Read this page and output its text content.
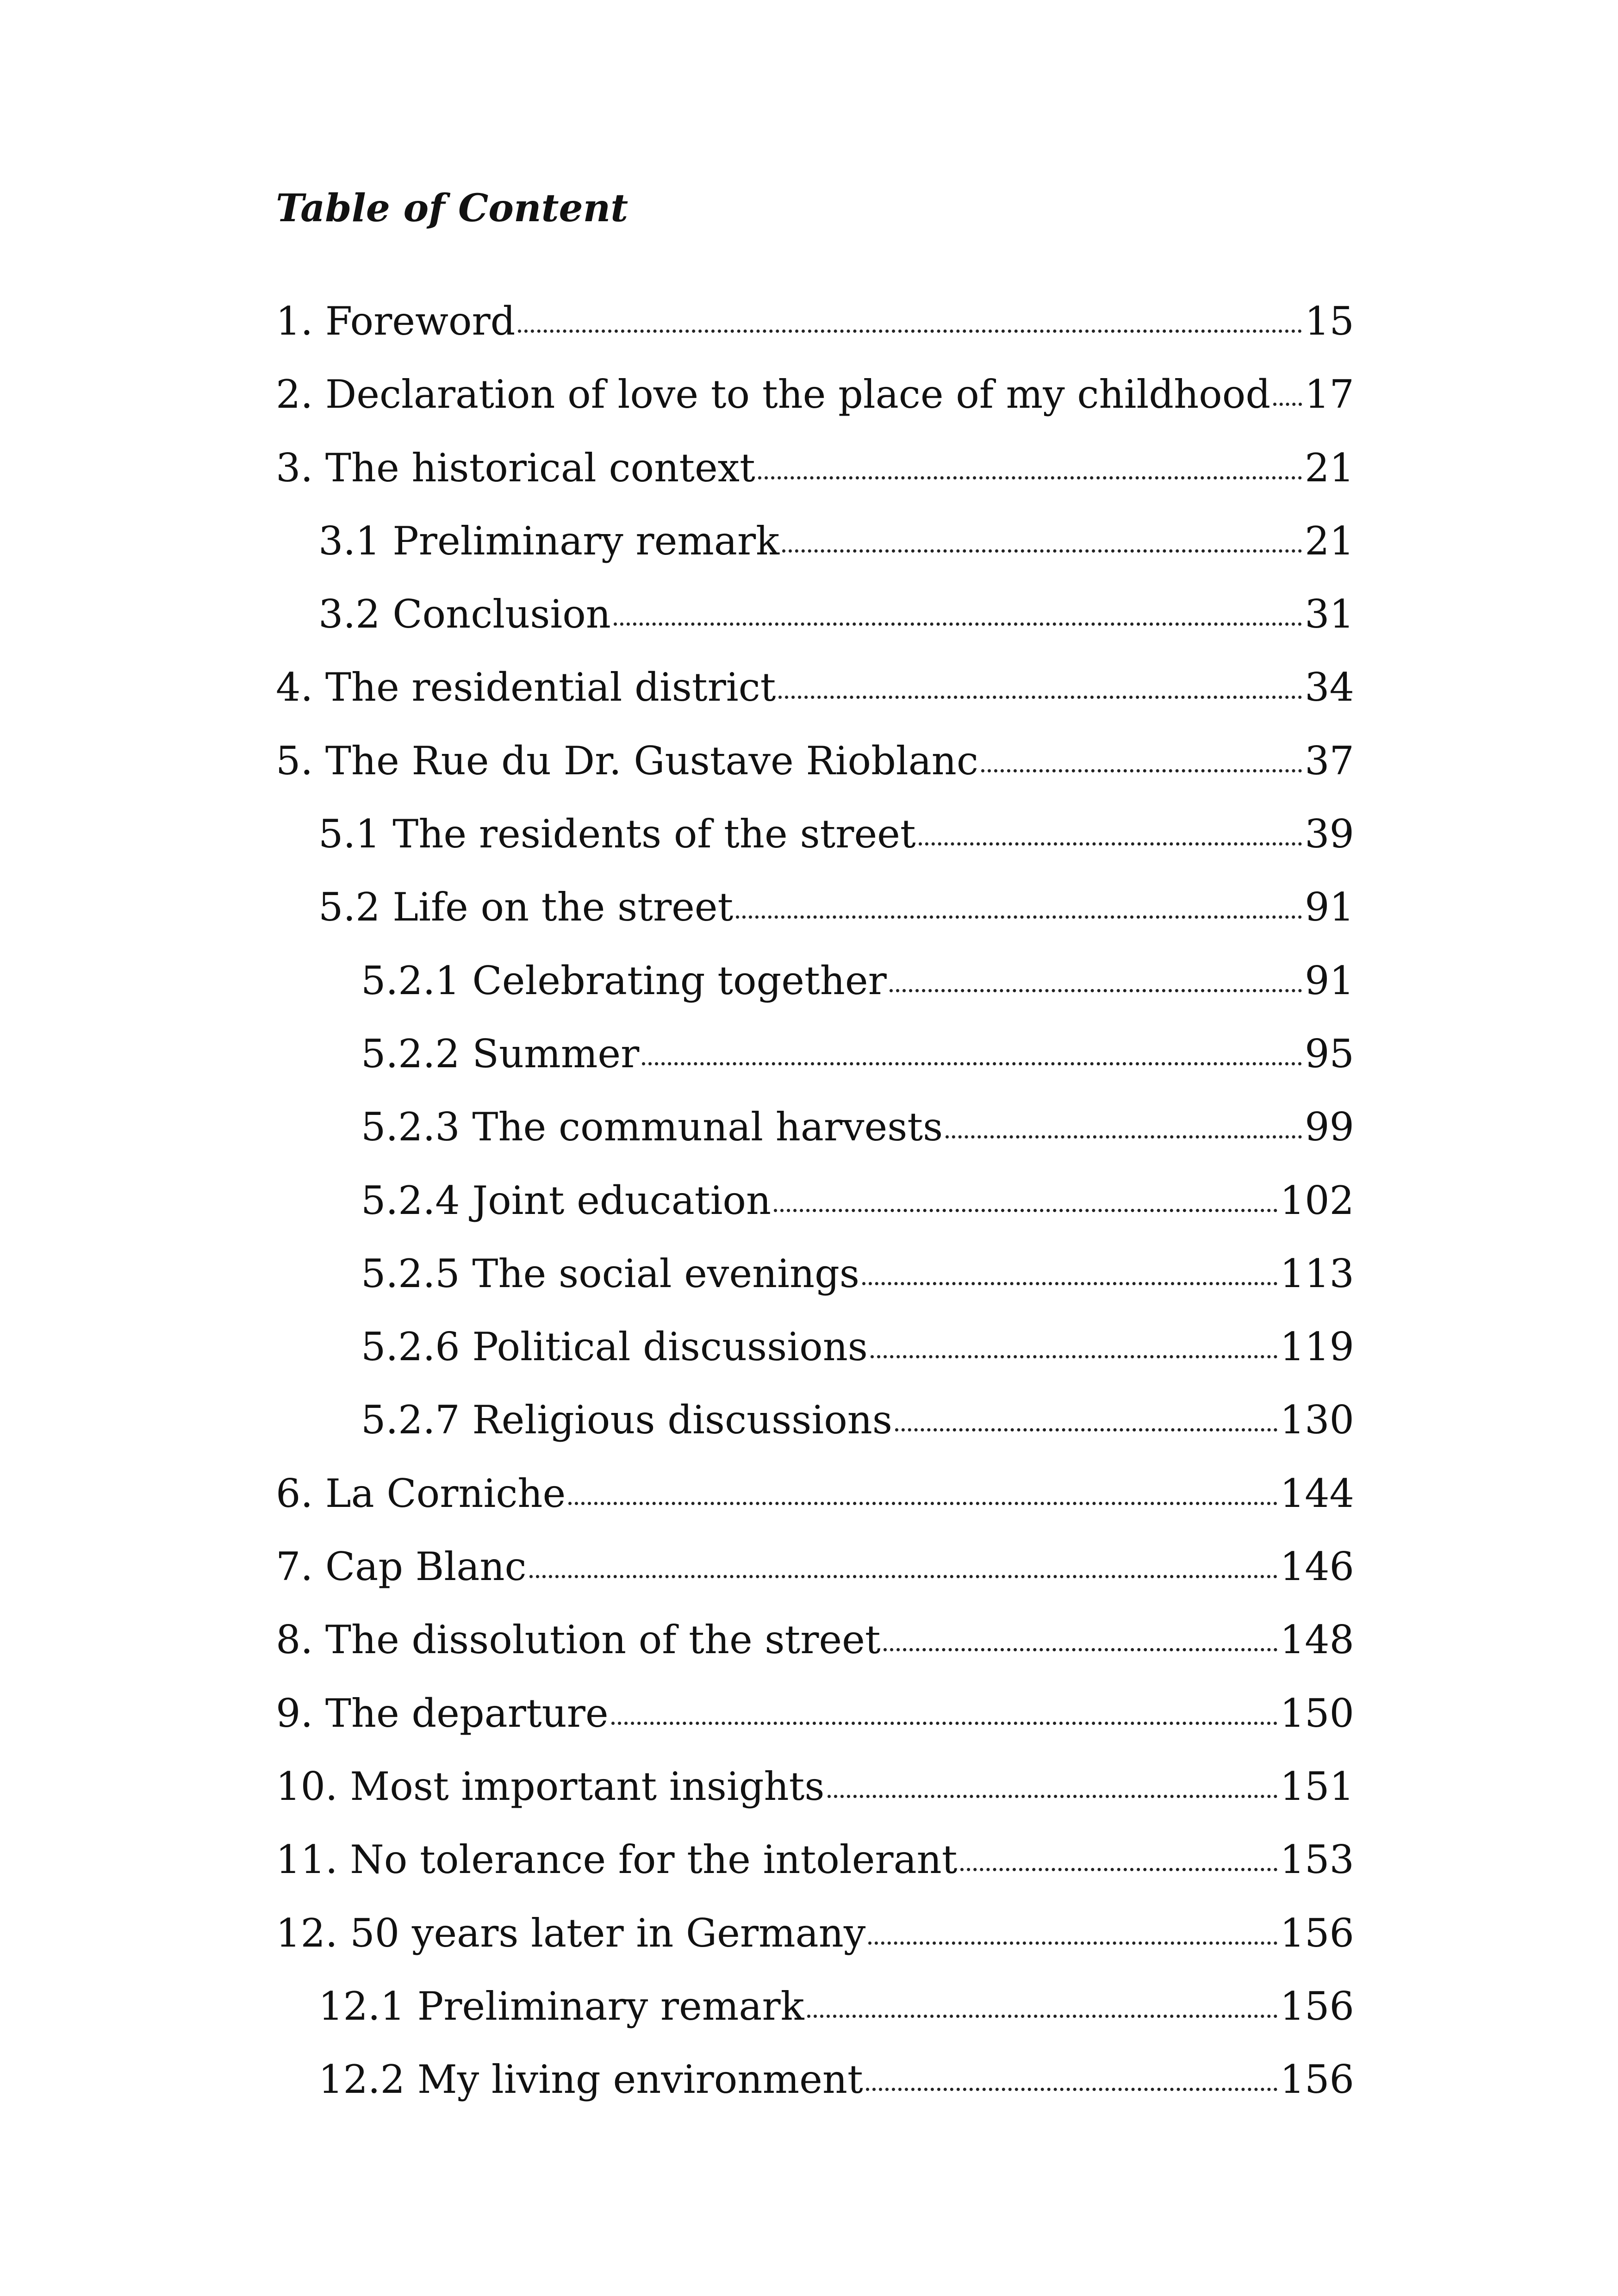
Table of Content
1. Foreword	15
2. Declaration of love to the place of my childhood 17
3. The historical context	21
3.1 Preliminary remark	21
3.2 Conclusion	31
4. The residential district	34
5. The Rue du Dr. Gustave Rioblanc	37
5.1 The residents of the street	39
5.2 Life on the street	91
5.2.1 Celebrating together	91
5.2.2 Summer	95
5.2.3 The communal harvests	99
5.2.4 Joint education	102
5.2.5 The social evenings	113
5.2.6 Political discussions	119
5.2.7 Religious discussions	130
6. La Corniche	144
7. Cap Blanc	146
8. The dissolution of the street	148
9. The departure	150
10. Most important insights	151
11. No tolerance for the intolerant	153
12. 50 years later in Germany	156
12.1 Preliminary remark	156
12.2 My living environment	156
